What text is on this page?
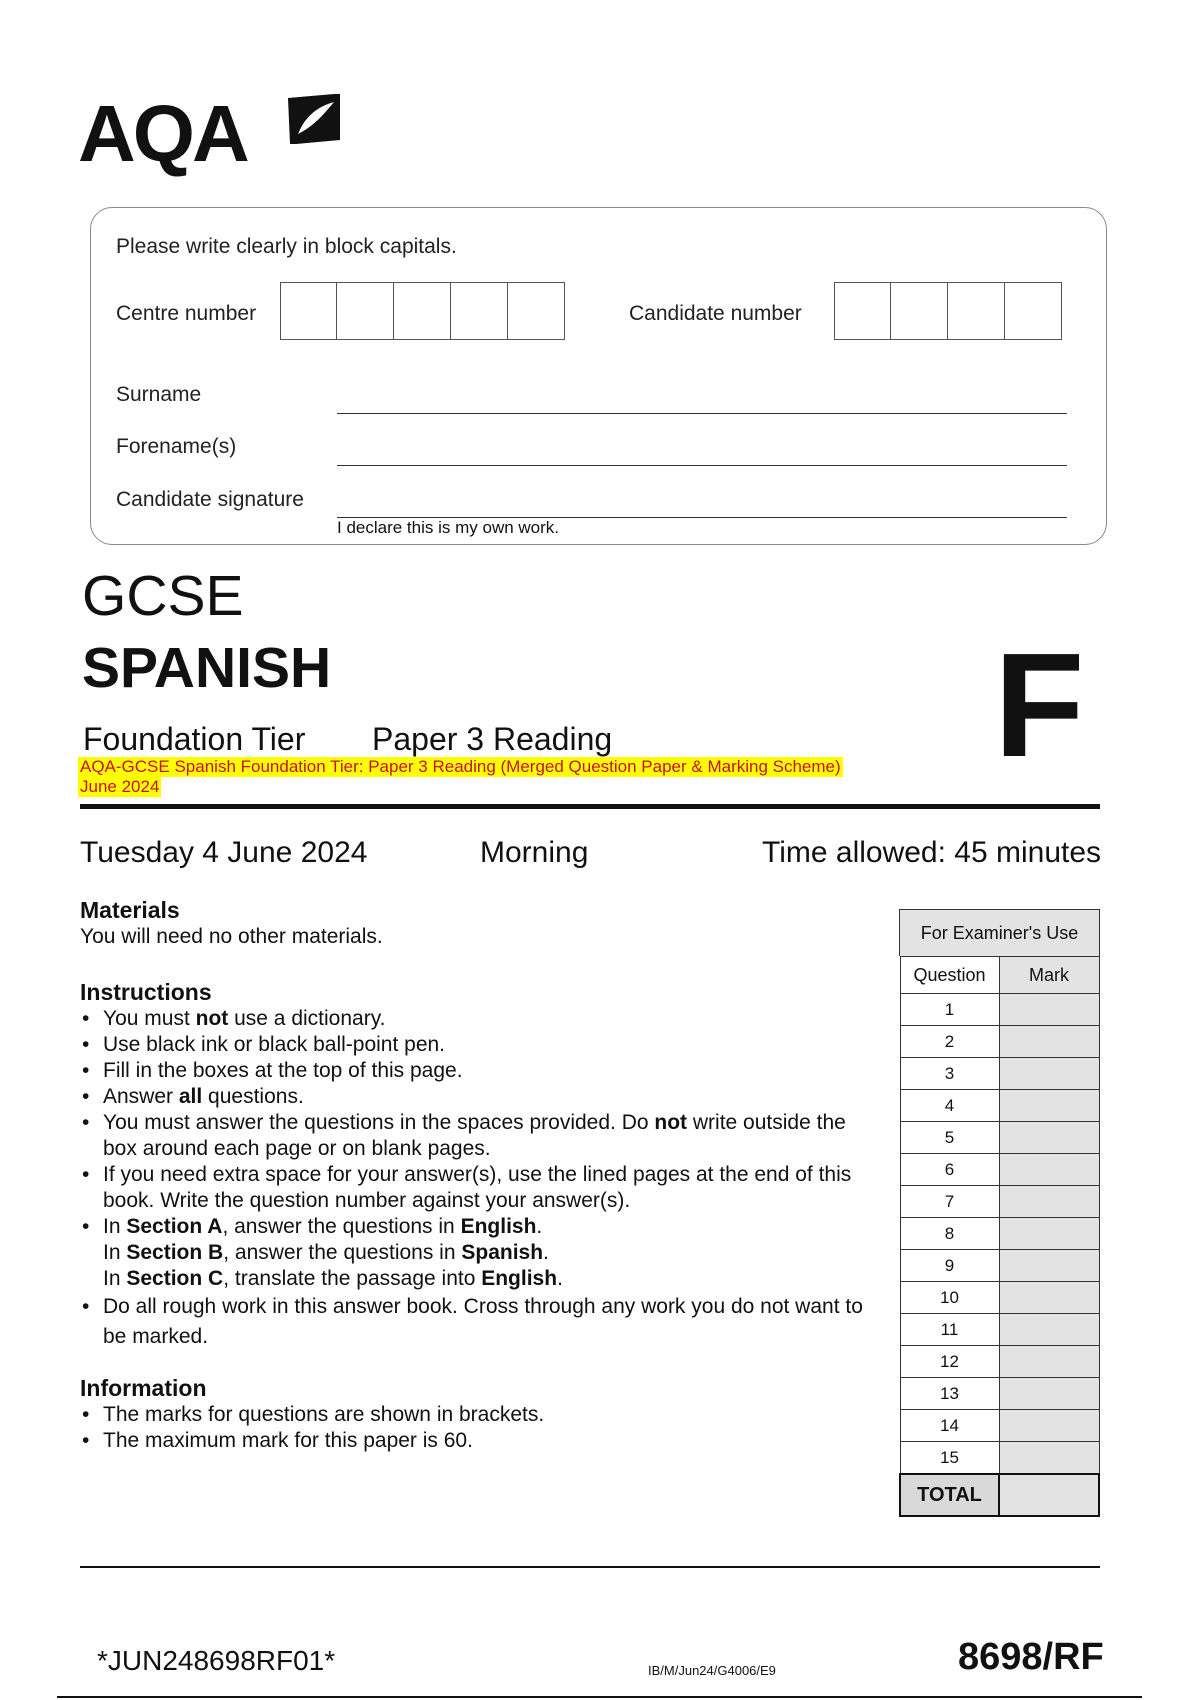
AQA
Please write clearly in block capitals.
Centre number	Candidate number
Surname
Forename(s)
Candidate signature
I declare this is my own work.
GCSE
SPANISH
Foundation Tier Paper 3 Reading	F
AQA-GCSE Spanish Foundation Tier: Paper 3 Reading (Merged Question Paper & Marking Scheme)
June 2024
Tuesday 4 June 2024	Morning	Time allowed: 45 minutes
Materials
You will need no other materials.
Instructions
• You must not use a dictionary.
• Use black ink or black ball-point pen.
• Fill in the boxes at the top of this page.
• Answer all questions.
• You must answer the questions in the spaces provided. Do not write outside the box around each page or on blank pages.
• If you need extra space for your answer(s), use the lined pages at the end of this book. Write the question number against your answer(s).
• In Section A, answer the questions in English.
In Section B, answer the questions in Spanish.
In Section C, translate the passage into English.
• Do all rough work in this answer book. Cross through any work you do not want to be marked.
Information
• The marks for questions are shown in brackets.
• The maximum mark for this paper is 60.
For Examiner's Use
Question	Mark
1	
2	
3	
4	
5	
6	
7	
8	
9	
10	
11	
12	
13	
14	
15	
TOTAL	
*JUN248698RF01*	IB/M/Jun24/G4006/E9	8698/RF
